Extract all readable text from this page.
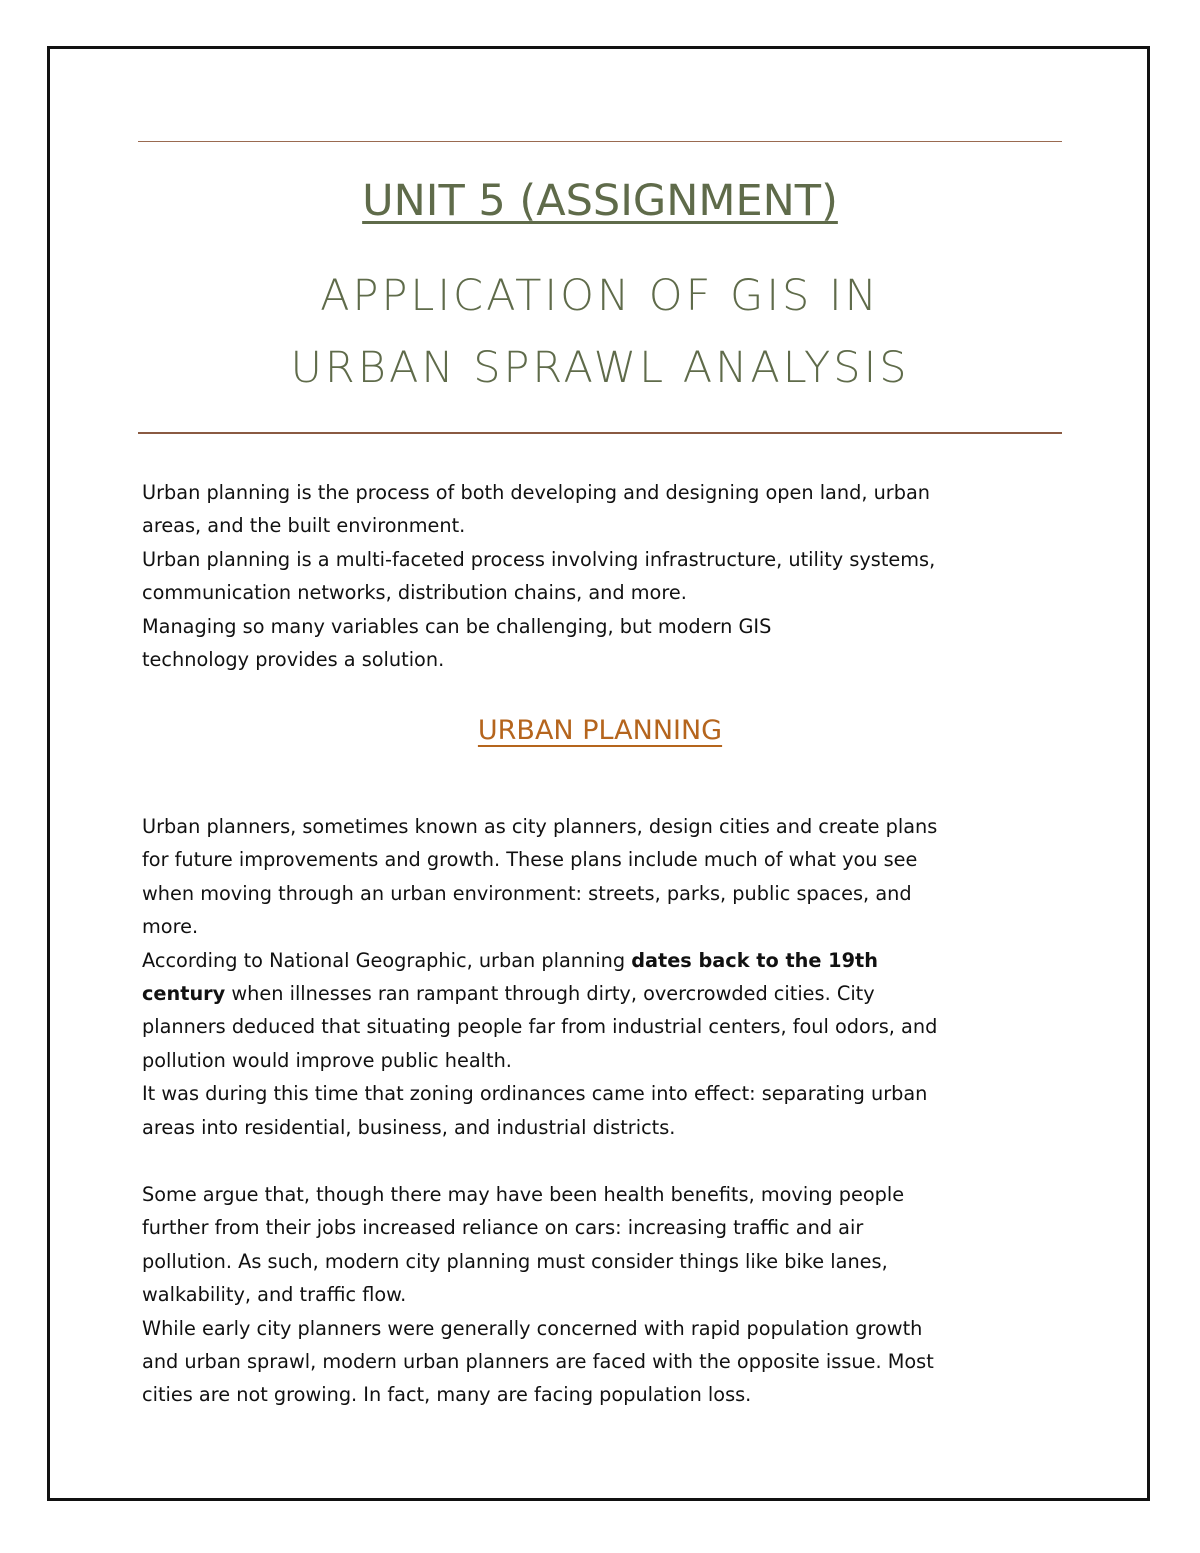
UNIT 5 (ASSIGNMENT)
APPLICATION OF GIS IN
URBAN SPRAWL ANALYSIS
Urban planning is the process of both developing and designing open land, urban
areas, and the built environment.
Urban planning is a multi-faceted process involving infrastructure, utility systems,
communication networks, distribution chains, and more.
Managing so many variables can be challenging, but modern GIS
technology provides a solution.
URBAN PLANNING
Urban planners, sometimes known as city planners, design cities and create plans
for future improvements and growth. These plans include much of what you see
when moving through an urban environment: streets, parks, public spaces, and
more.
According to National Geographic, urban planning dates back to the 19th
century when illnesses ran rampant through dirty, overcrowded cities. City
planners deduced that situating people far from industrial centers, foul odors, and
pollution would improve public health.
It was during this time that zoning ordinances came into effect: separating urban
areas into residential, business, and industrial districts.
Some argue that, though there may have been health benefits, moving people
further from their jobs increased reliance on cars: increasing traffic and air
pollution. As such, modern city planning must consider things like bike lanes,
walkability, and traffic flow.
While early city planners were generally concerned with rapid population growth
and urban sprawl, modern urban planners are faced with the opposite issue. Most
cities are not growing. In fact, many are facing population loss.
